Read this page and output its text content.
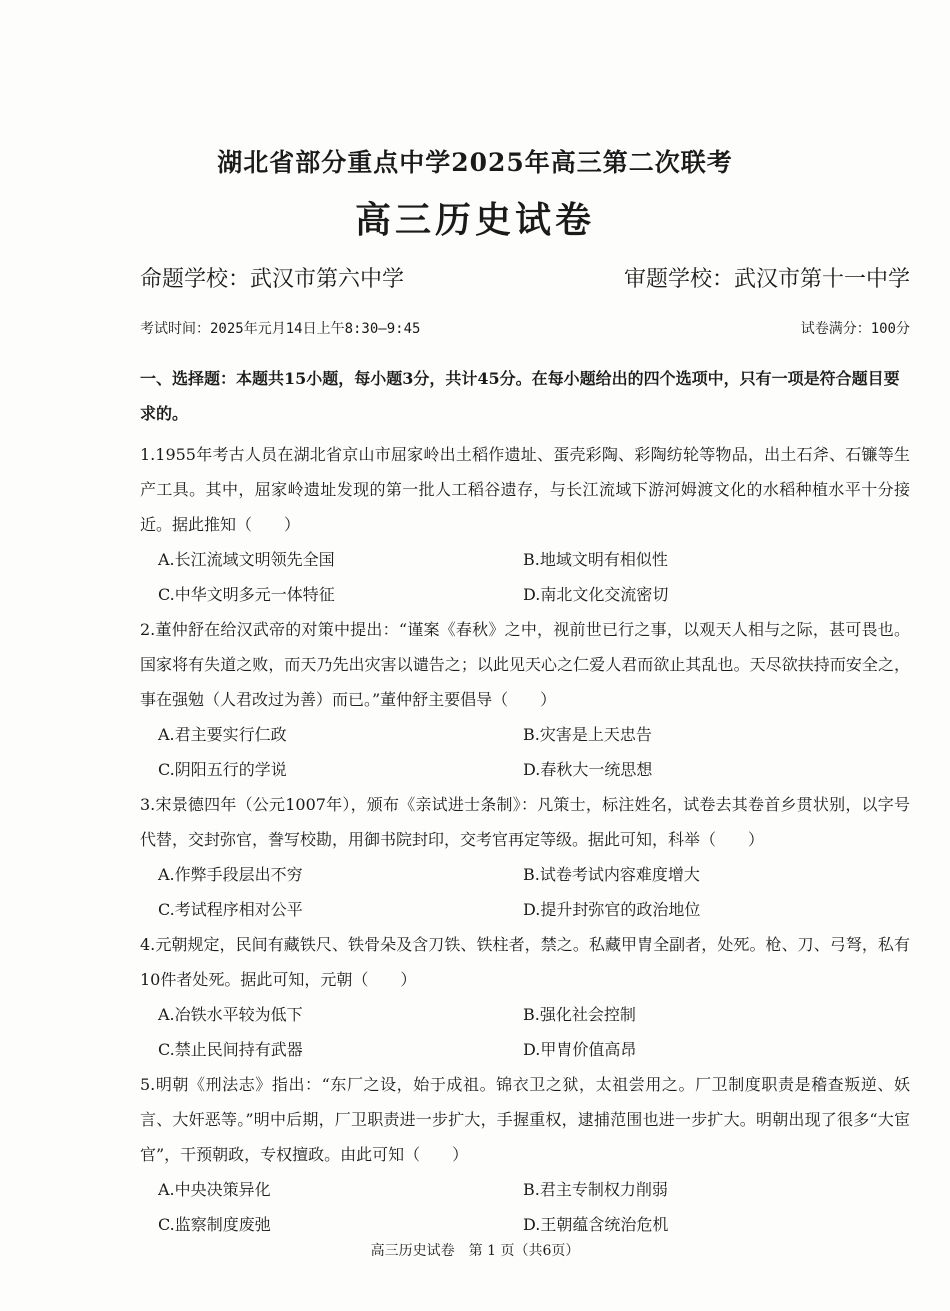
湖北省部分重点中学2025年高三第二次联考
高三历史试卷
命题学校：武汉市第六中学	审题学校：武汉市第十一中学
考试时间：2025年元月14日上午8:30—9:45	试卷满分：100分
一、选择题：本题共15小题，每小题3分，共计45分。在每小题给出的四个选项中，只有一项是符合题目要求的。
1.1955年考古人员在湖北省京山市屈家岭出土稻作遗址、蛋壳彩陶、彩陶纺轮等物品，出土石斧、石镰等生产工具。其中，屈家岭遗址发现的第一批人工稻谷遗存，与长江流域下游河姆渡文化的水稻种植水平十分接近。据此推知（　　）
A.长江流域文明领先全国	B.地域文明有相似性
C.中华文明多元一体特征	D.南北文化交流密切
2.董仲舒在给汉武帝的对策中提出：“谨案《春秋》之中，视前世已行之事，以观天人相与之际，甚可畏也。国家将有失道之败，而天乃先出灾害以谴告之；以此见天心之仁爱人君而欲止其乱也。天尽欲扶持而安全之，事在强勉（人君改过为善）而已。”董仲舒主要倡导（　　）
A.君主要实行仁政	B.灾害是上天忠告
C.阴阳五行的学说	D.春秋大一统思想
3.宋景德四年（公元1007年），颁布《亲试进士条制》：凡策士，标注姓名，试卷去其卷首乡贯状别，以字号代替，交封弥官，誊写校勘，用御书院封印，交考官再定等级。据此可知，科举（　　）
A.作弊手段层出不穷	B.试卷考试内容难度增大
C.考试程序相对公平	D.提升封弥官的政治地位
4.元朝规定，民间有藏铁尺、铁骨朵及含刀铁、铁柱者，禁之。私藏甲胄全副者，处死。枪、刀、弓弩，私有10件者处死。据此可知，元朝（　　）
A.冶铁水平较为低下	B.强化社会控制
C.禁止民间持有武器	D.甲胄价值高昂
5.明朝《刑法志》指出：“东厂之设，始于成祖。锦衣卫之狱，太祖尝用之。厂卫制度职责是稽查叛逆、妖言、大奸恶等。”明中后期，厂卫职责进一步扩大，手握重权，逮捕范围也进一步扩大。明朝出现了很多“大宦官”，干预朝政，专权擅政。由此可知（　　）
A.中央决策异化	B.君主专制权力削弱
C.监察制度废弛	D.王朝蕴含统治危机
高三历史试卷　第 1 页（共6页）
